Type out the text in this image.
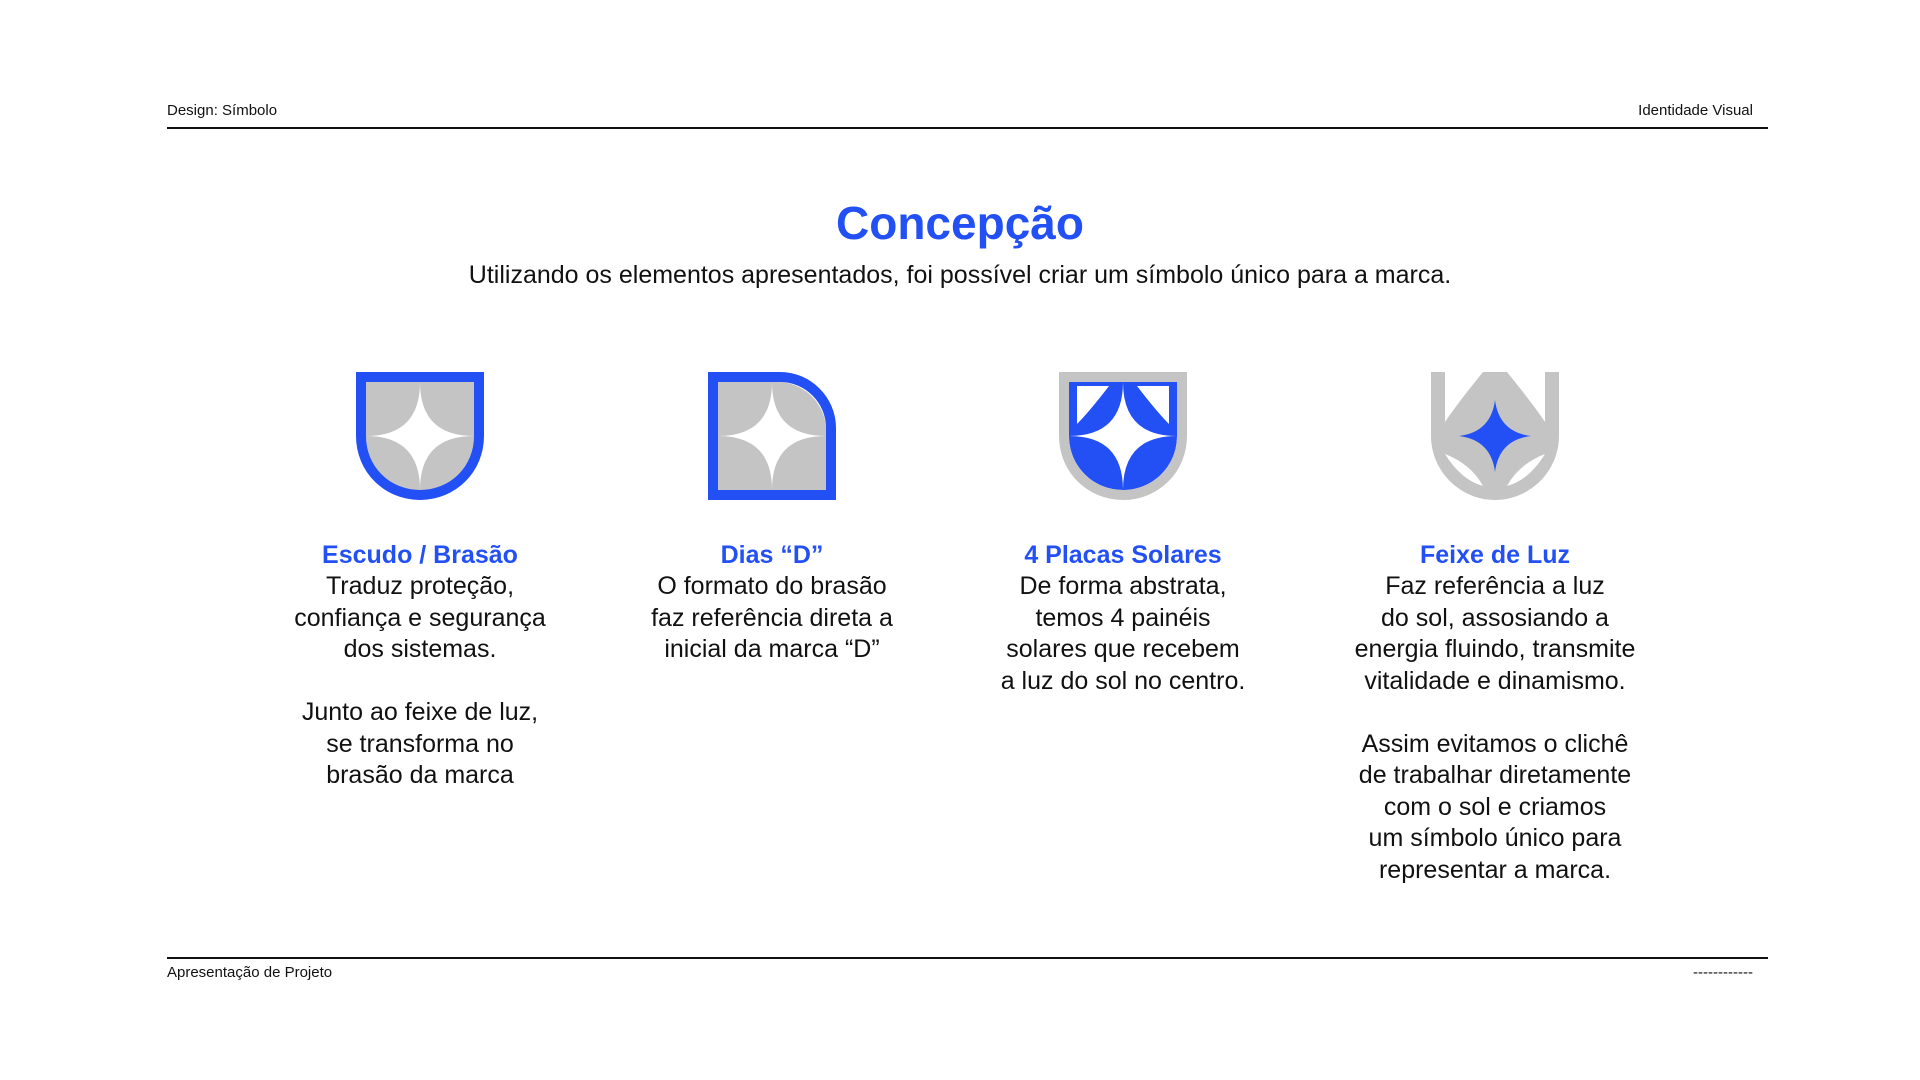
Design: Símbolo	Identidade Visual
Concepção
Utilizando os elementos apresentados, foi possível criar um símbolo único para a marca.
Escudo / Brasão
Traduz proteção,
confiança e segurança
dos sistemas.
Junto ao feixe de luz,
se transforma no
brasão da marca
Dias “D”
O formato do brasão
faz referência direta a
inicial da marca “D”
4 Placas Solares
De forma abstrata,
temos 4 painéis
solares que recebem
a luz do sol no centro.
Feixe de Luz
Faz referência a luz
do sol, assosiando a
energia fluindo, transmite
vitalidade e dinamismo.
Assim evitamos o clichê
de trabalhar diretamente
com o sol e criamos
um símbolo único para
representar a marca.
Apresentação de Projeto	------------
